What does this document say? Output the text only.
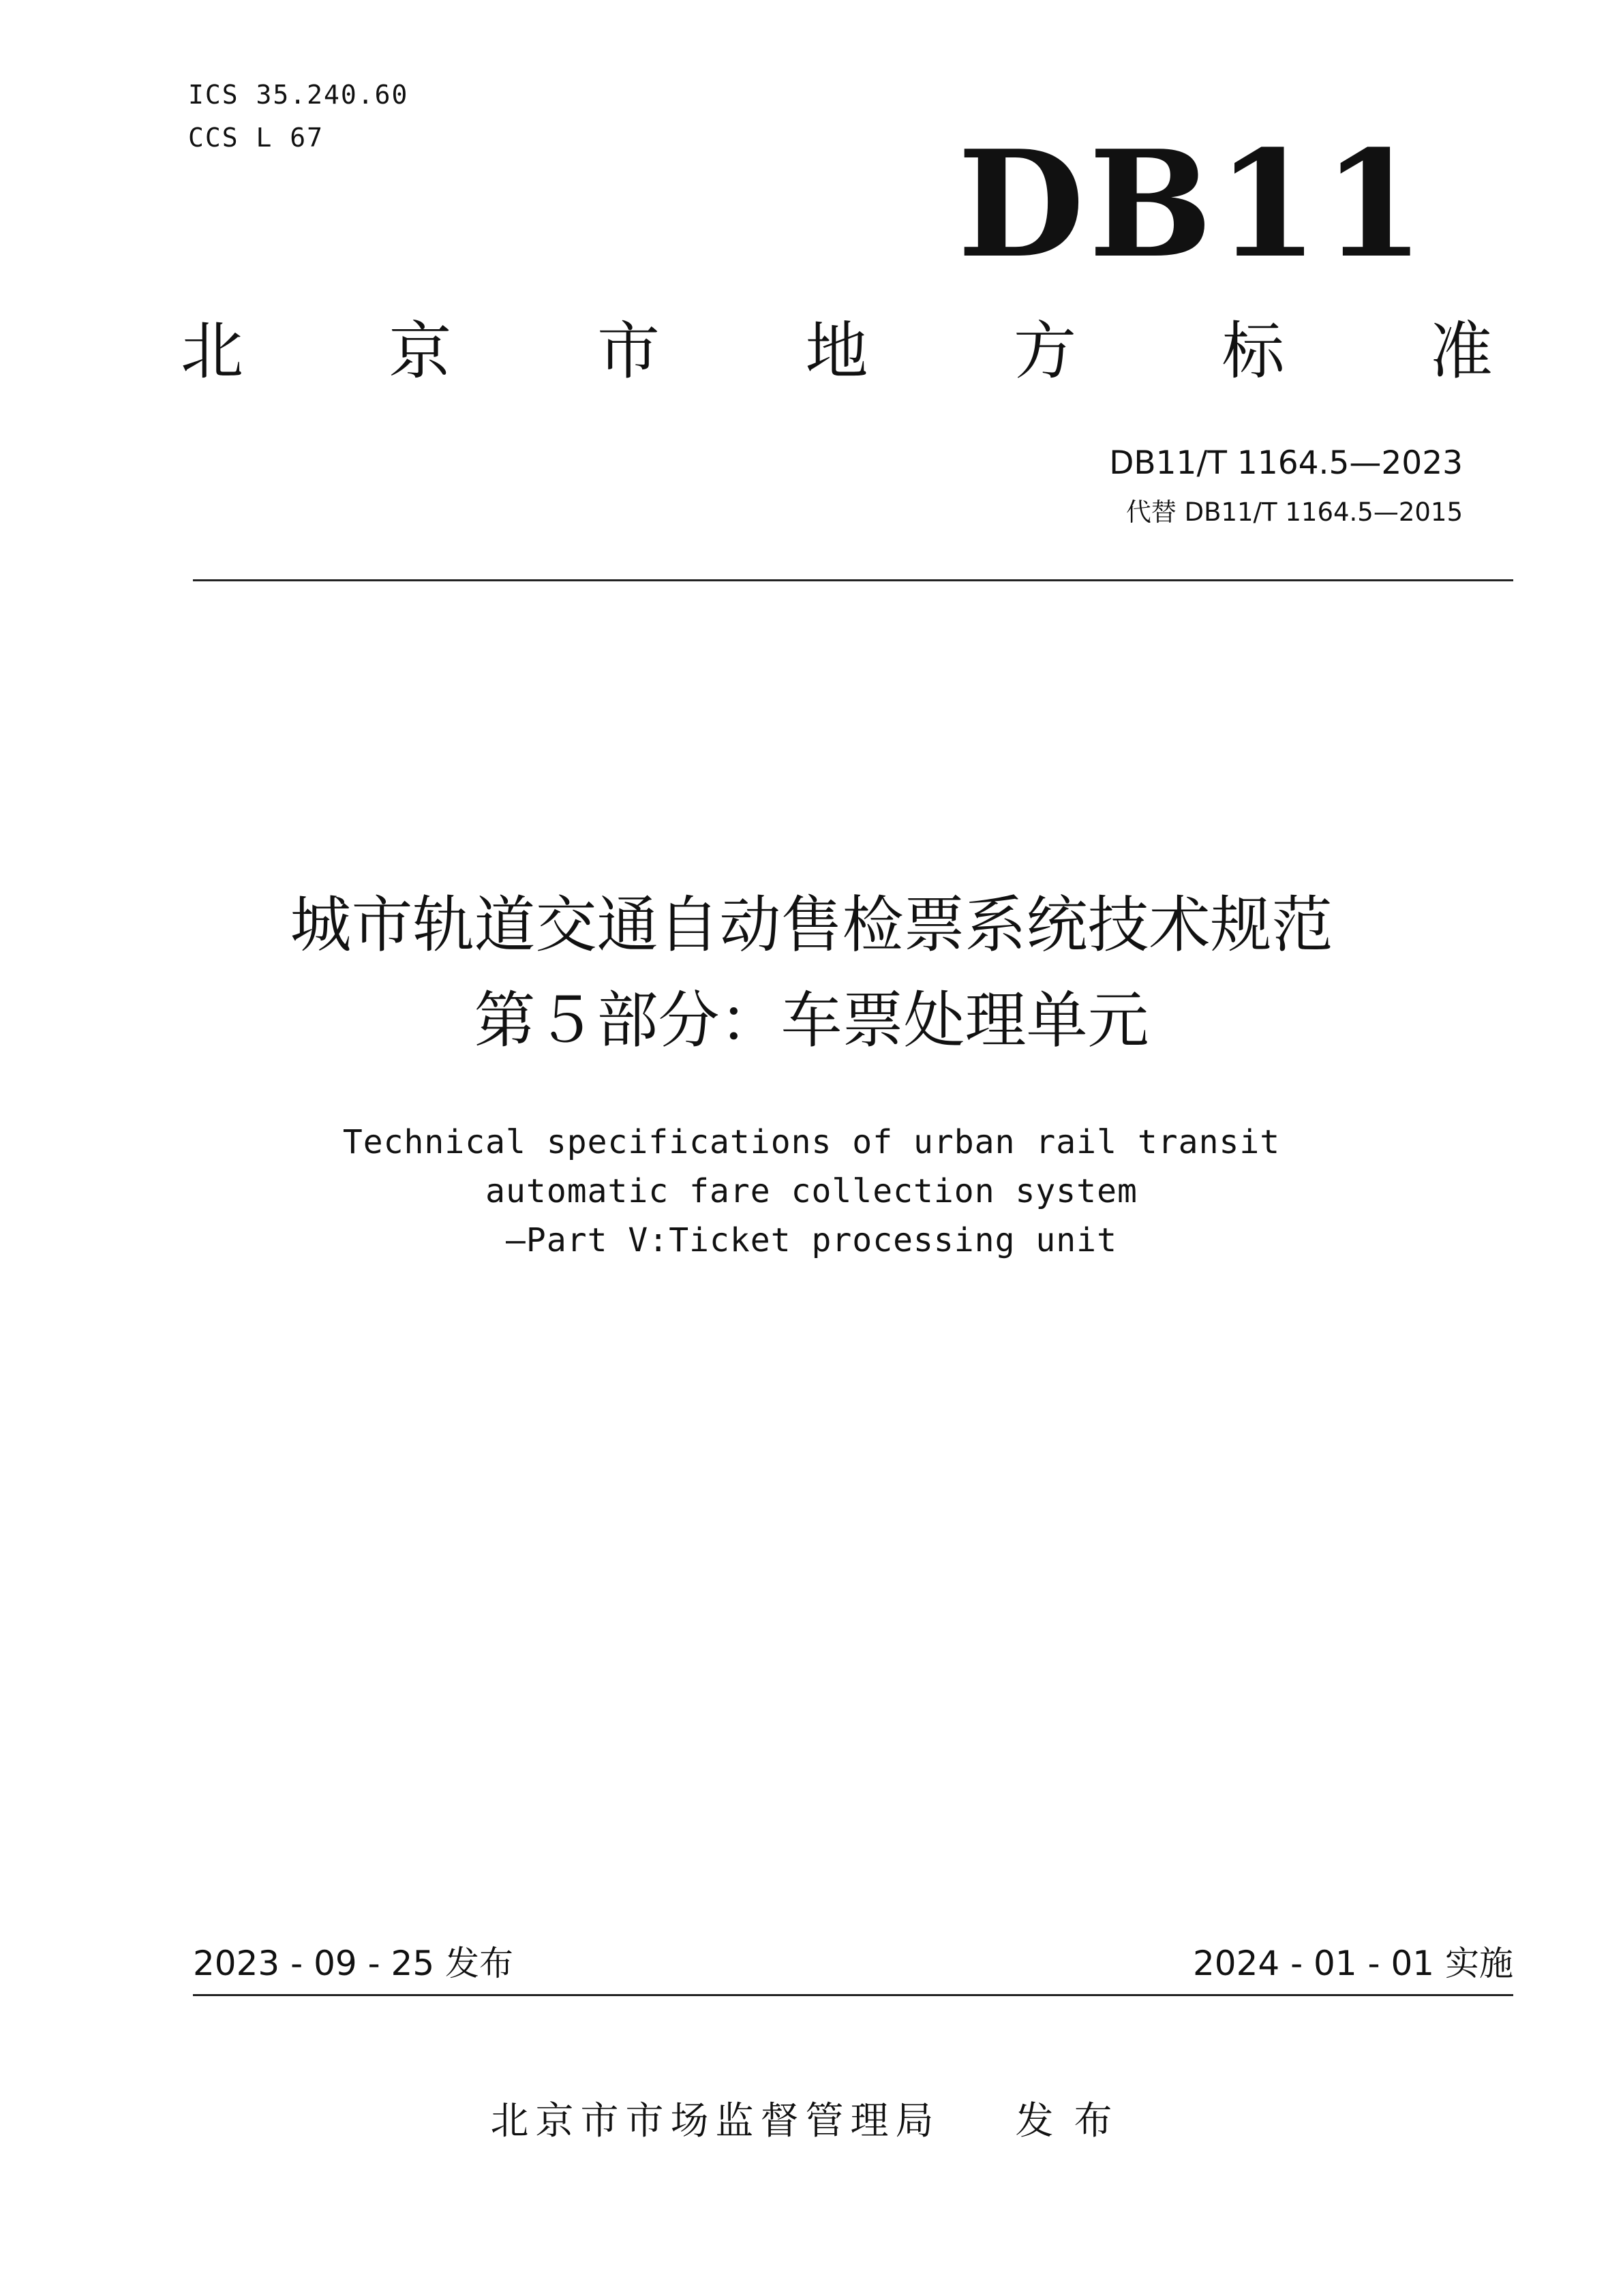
ICS 35.240.60
CCS L 67	DB11
北 京 市 地 方 标 准
DB11/T 1164.5—2023
代替 DB11/T 1164.5—2015
城市轨道交通自动售检票系统技术规范
第５部分：车票处理单元
Technical specifications of urban rail transit
automatic fare collection system
—Part V:Ticket processing unit
2023 - 09 - 25 发布	2024 - 01 - 01 实施
北京市市场监督管理局 发布
